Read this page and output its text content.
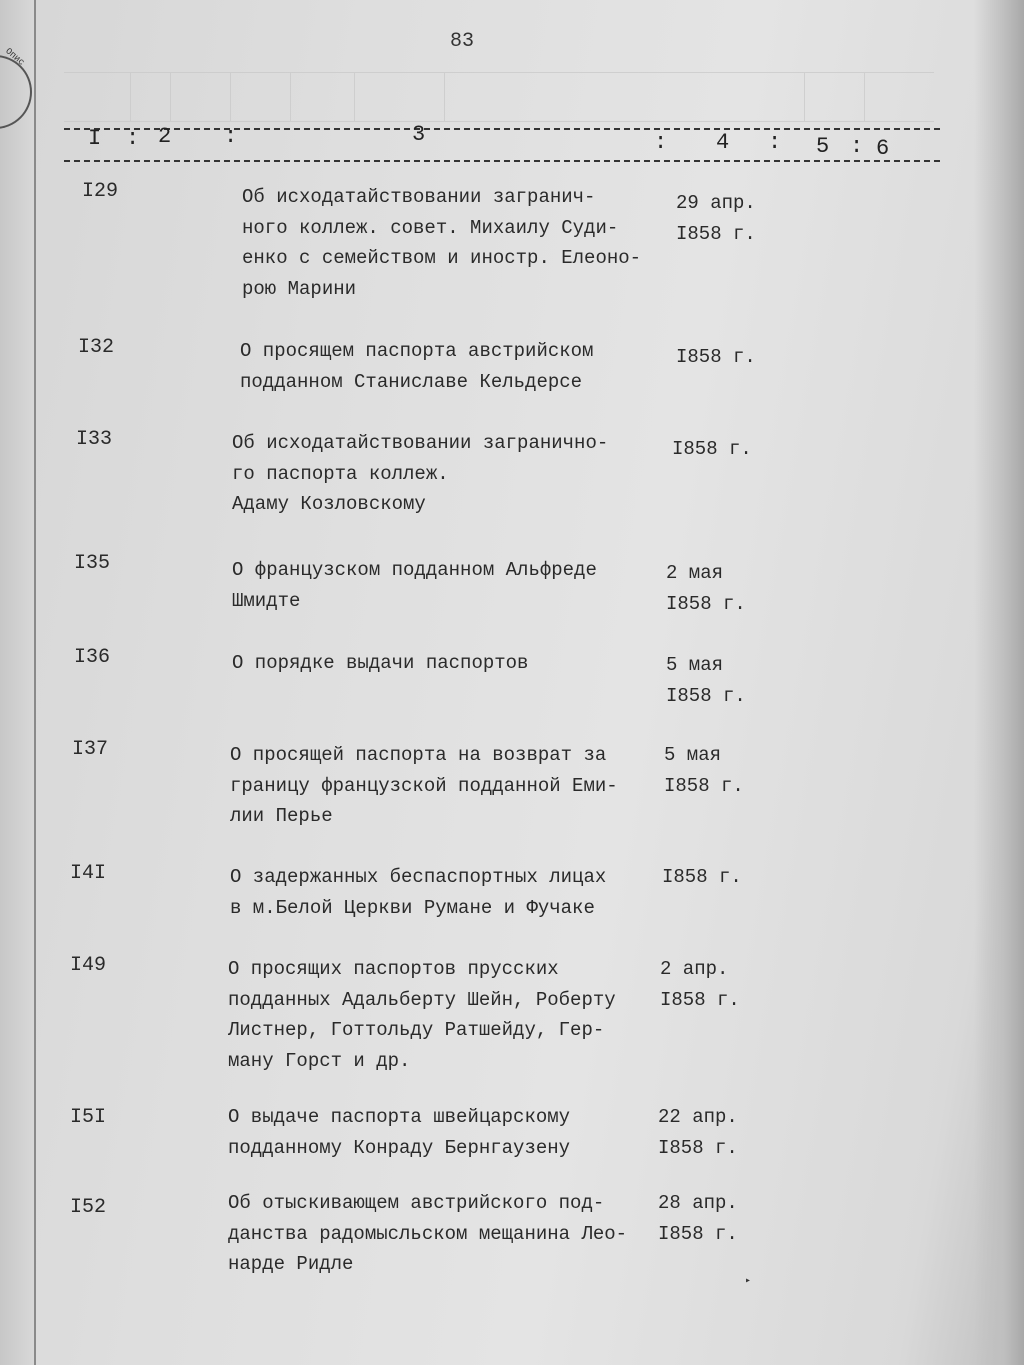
Опис
83
I : 2 :	3	: 4 : 5 : 6
I29	Об исходатайствовании загранич-
ного коллеж. совет. Михаилу Суди-
енко с семейством и иностр. Елеоно-
рою Марини
29 апр.
I858 г.
I32	О просящем паспорта австрийском
подданном Станиславе Кельдерсе
I858 г.
I33	Об исходатайствовании загранично-
го паспорта коллеж.
Адаму Козловскому
I858 г.
I35	О французском подданном Альфреде
Шмидте
2 мая
I858 г.
I36	О порядке выдачи паспортов	5 мая
I858 г.
I37	О просящей паспорта на возврат за
границу французской подданной Еми-
лии Перье
5 мая
I858 г.
I4I	О задержанных беспаспортных лицах
в м.Белой Церкви Румане и Фучаке
I858 г.
I49	О просящих паспортов прусских
подданных Адальберту Шейн, Роберту
Листнер, Готтольду Ратшейду, Гер-
ману Горст и др.
2 апр.
I858 г.
I5I	О выдаче паспорта швейцарскому
подданному Конраду Бернгаузену
22 апр.
I858 г.
I52	Об отыскивающем австрийского под-
данства радомысльском мещанина Лео-
нарде Ридле
28 апр.
I858 г.
▸
